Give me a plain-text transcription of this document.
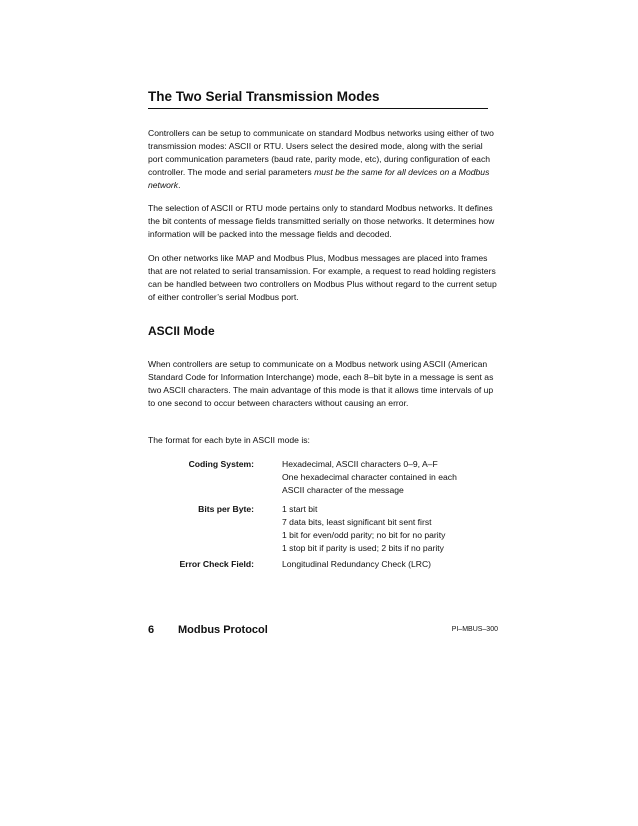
The Two Serial Transmission Modes

Controllers can be setup to communicate on standard Modbus networks using either of two transmission modes: ASCII or RTU. Users select the desired mode, along with the serial port communication parameters (baud rate, parity mode, etc), during configuration of each controller. The mode and serial parameters must be the same for all devices on a Modbus network.

The selection of ASCII or RTU mode pertains only to standard Modbus networks. It defines the bit contents of message fields transmitted serially on those networks. It determines how information will be packed into the message fields and decoded.

On other networks like MAP and Modbus Plus, Modbus messages are placed into frames that are not related to serial transamission. For example, a request to read holding registers can be handled between two controllers on Modbus Plus without regard to the current setup of either controller’s serial Modbus port.

ASCII Mode

When controllers are setup to communicate on a Modbus network using ASCII (American Standard Code for Information Interchange) mode, each 8–bit byte in a message is sent as two ASCII characters. The main advantage of this mode is that it allows time intervals of up to one second to occur between characters without causing an error.

The format for each byte in ASCII mode is:

Coding System:	Hexadecimal, ASCII characters 0–9, A–F
One hexadecimal character contained in each
ASCII character of the message
Bits per Byte:	1 start bit
7 data bits, least significant bit sent first
1 bit for even/odd parity; no bit for no parity
1 stop bit if parity is used; 2 bits if no parity
Error Check Field:	Longitudinal Redundancy Check (LRC)
6 Modbus Protocol	PI–MBUS–300
